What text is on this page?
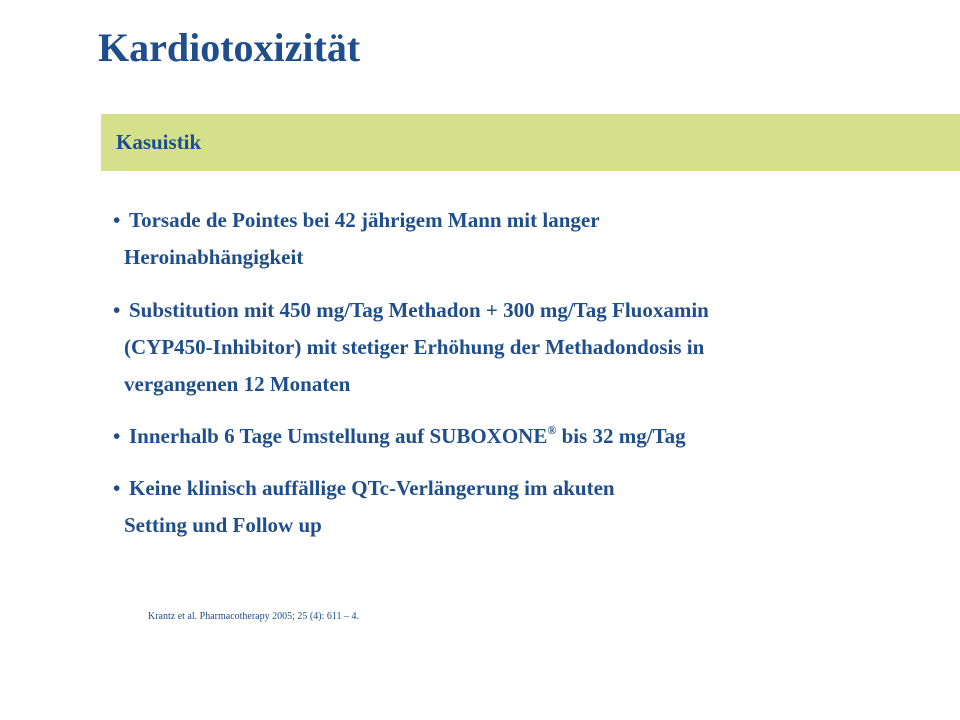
Kardiotoxizität
Kasuistik
• Torsade de Pointes bei 42 jährigem Mann mit langer
Heroinabhängigkeit
• Substitution mit 450 mg/Tag Methadon + 300 mg/Tag Fluoxamin
(CYP450-Inhibitor) mit stetiger Erhöhung der Methadondosis in
vergangenen 12 Monaten
• Innerhalb 6 Tage Umstellung auf SUBOXONE® bis 32 mg/Tag
• Keine klinisch auffällige QTc-Verlängerung im akuten
Setting und Follow up
Krantz et al. Pharmacotherapy 2005; 25 (4): 611 – 4.
